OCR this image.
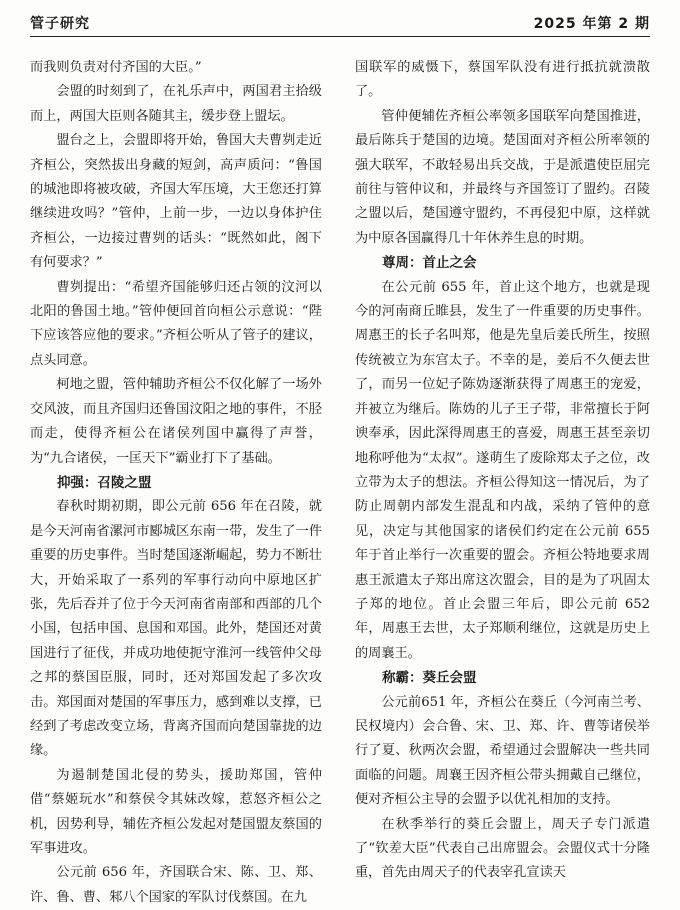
管子研究	2025 年第 2 期

而我则负责对付齐国的大臣。”

会盟的时刻到了，在礼乐声中，两国君主拾级而上，两国大臣则各随其主，缓步登上盟坛。

盟台之上，会盟即将开始，鲁国大夫曹刿走近齐桓公，突然拔出身藏的短剑，高声质问：“鲁国的城池即将被攻破，齐国大军压境，大王您还打算继续进攻吗？”管仲，上前一步，一边以身体护住齐桓公，一边接过曹刿的话头：“既然如此，阁下有何要求？”

曹刿提出：“希望齐国能够归还占领的汶河以北阳的鲁国土地。”管仲便回首向桓公示意说：“陛下应该答应他的要求。”齐桓公听从了管子的建议，点头同意。

柯地之盟，管仲辅助齐桓公不仅化解了一场外交风波，而且齐国归还鲁国汶阳之地的事件，不胫而走，使得齐桓公在诸侯列国中赢得了声誉，为“九合诸侯，一匡天下”霸业打下了基础。

抑强：召陵之盟

春秋时期初期，即公元前 656 年在召陵，就是今天河南省漯河市郾城区东南一带，发生了一件重要的历史事件。当时楚国逐渐崛起，势力不断壮大，开始采取了一系列的军事行动向中原地区扩张，先后吞并了位于今天河南省南部和西部的几个小国，包括申国、息国和邓国。此外，楚国还对黄国进行了征伐，并成功地使扼守淮河一线管仲父母之邦的蔡国臣服，同时，还对郑国发起了多次攻击。郑国面对楚国的军事压力，感到难以支撑，已经到了考虑改变立场，背离齐国而向楚国靠拢的边缘。

为遏制楚国北侵的势头，援助郑国，管仲借“蔡姬玩水”和蔡侯令其妹改嫁，惹怒齐桓公之机，因势利导，辅佐齐桓公发起对楚国盟友蔡国的军事进攻。

公元前 656 年，齐国联合宋、陈、卫、郑、许、鲁、曹、邾八个国家的军队讨伐蔡国。在九

国联军的威慑下，蔡国军队没有进行抵抗就溃散了。

管仲便辅佐齐桓公率领多国联军向楚国推进，最后陈兵于楚国的边境。楚国面对齐桓公所率领的强大联军，不敢轻易出兵交战，于是派遣使臣屈完前往与管仲议和，并最终与齐国签订了盟约。召陵之盟以后，楚国遵守盟约，不再侵犯中原，这样就为中原各国赢得几十年休养生息的时期。

尊周：首止之会

在公元前 655 年，首止这个地方，也就是现今的河南商丘睢县，发生了一件重要的历史事件。周惠王的长子名叫郑，他是先皇后姜氏所生，按照传统被立为东宫太子。不幸的是，姜后不久便去世了，而另一位妃子陈妫逐渐获得了周惠王的宠爱，并被立为继后。陈妫的儿子王子带，非常擅长于阿谀奉承，因此深得周惠王的喜爱，周惠王甚至亲切地称呼他为“太叔”。遂萌生了废除郑太子之位，改立带为太子的想法。齐桓公得知这一情况后，为了防止周朝内部发生混乱和内战，采纳了管仲的意见，决定与其他国家的诸侯们约定在公元前 655 年于首止举行一次重要的盟会。齐桓公特地要求周惠王派遣太子郑出席这次盟会，目的是为了巩固太子郑的地位。首止会盟三年后，即公元前 652 年，周惠王去世，太子郑顺利继位，这就是历史上的周襄王。

称霸：葵丘会盟

公元前651 年，齐桓公在葵丘（今河南兰考、民权境内）会合鲁、宋、卫、郑、许、曹等诸侯举行了夏、秋两次会盟，希望通过会盟解决一些共同面临的问题。周襄王因齐桓公带头拥戴自己继位，便对齐桓公主导的会盟予以优礼相加的支持。

在秋季举行的葵丘会盟上，周天子专门派遣了“钦差大臣”代表自己出席盟会。会盟仪式十分隆重，首先由周天子的代表宰孔宣读天
